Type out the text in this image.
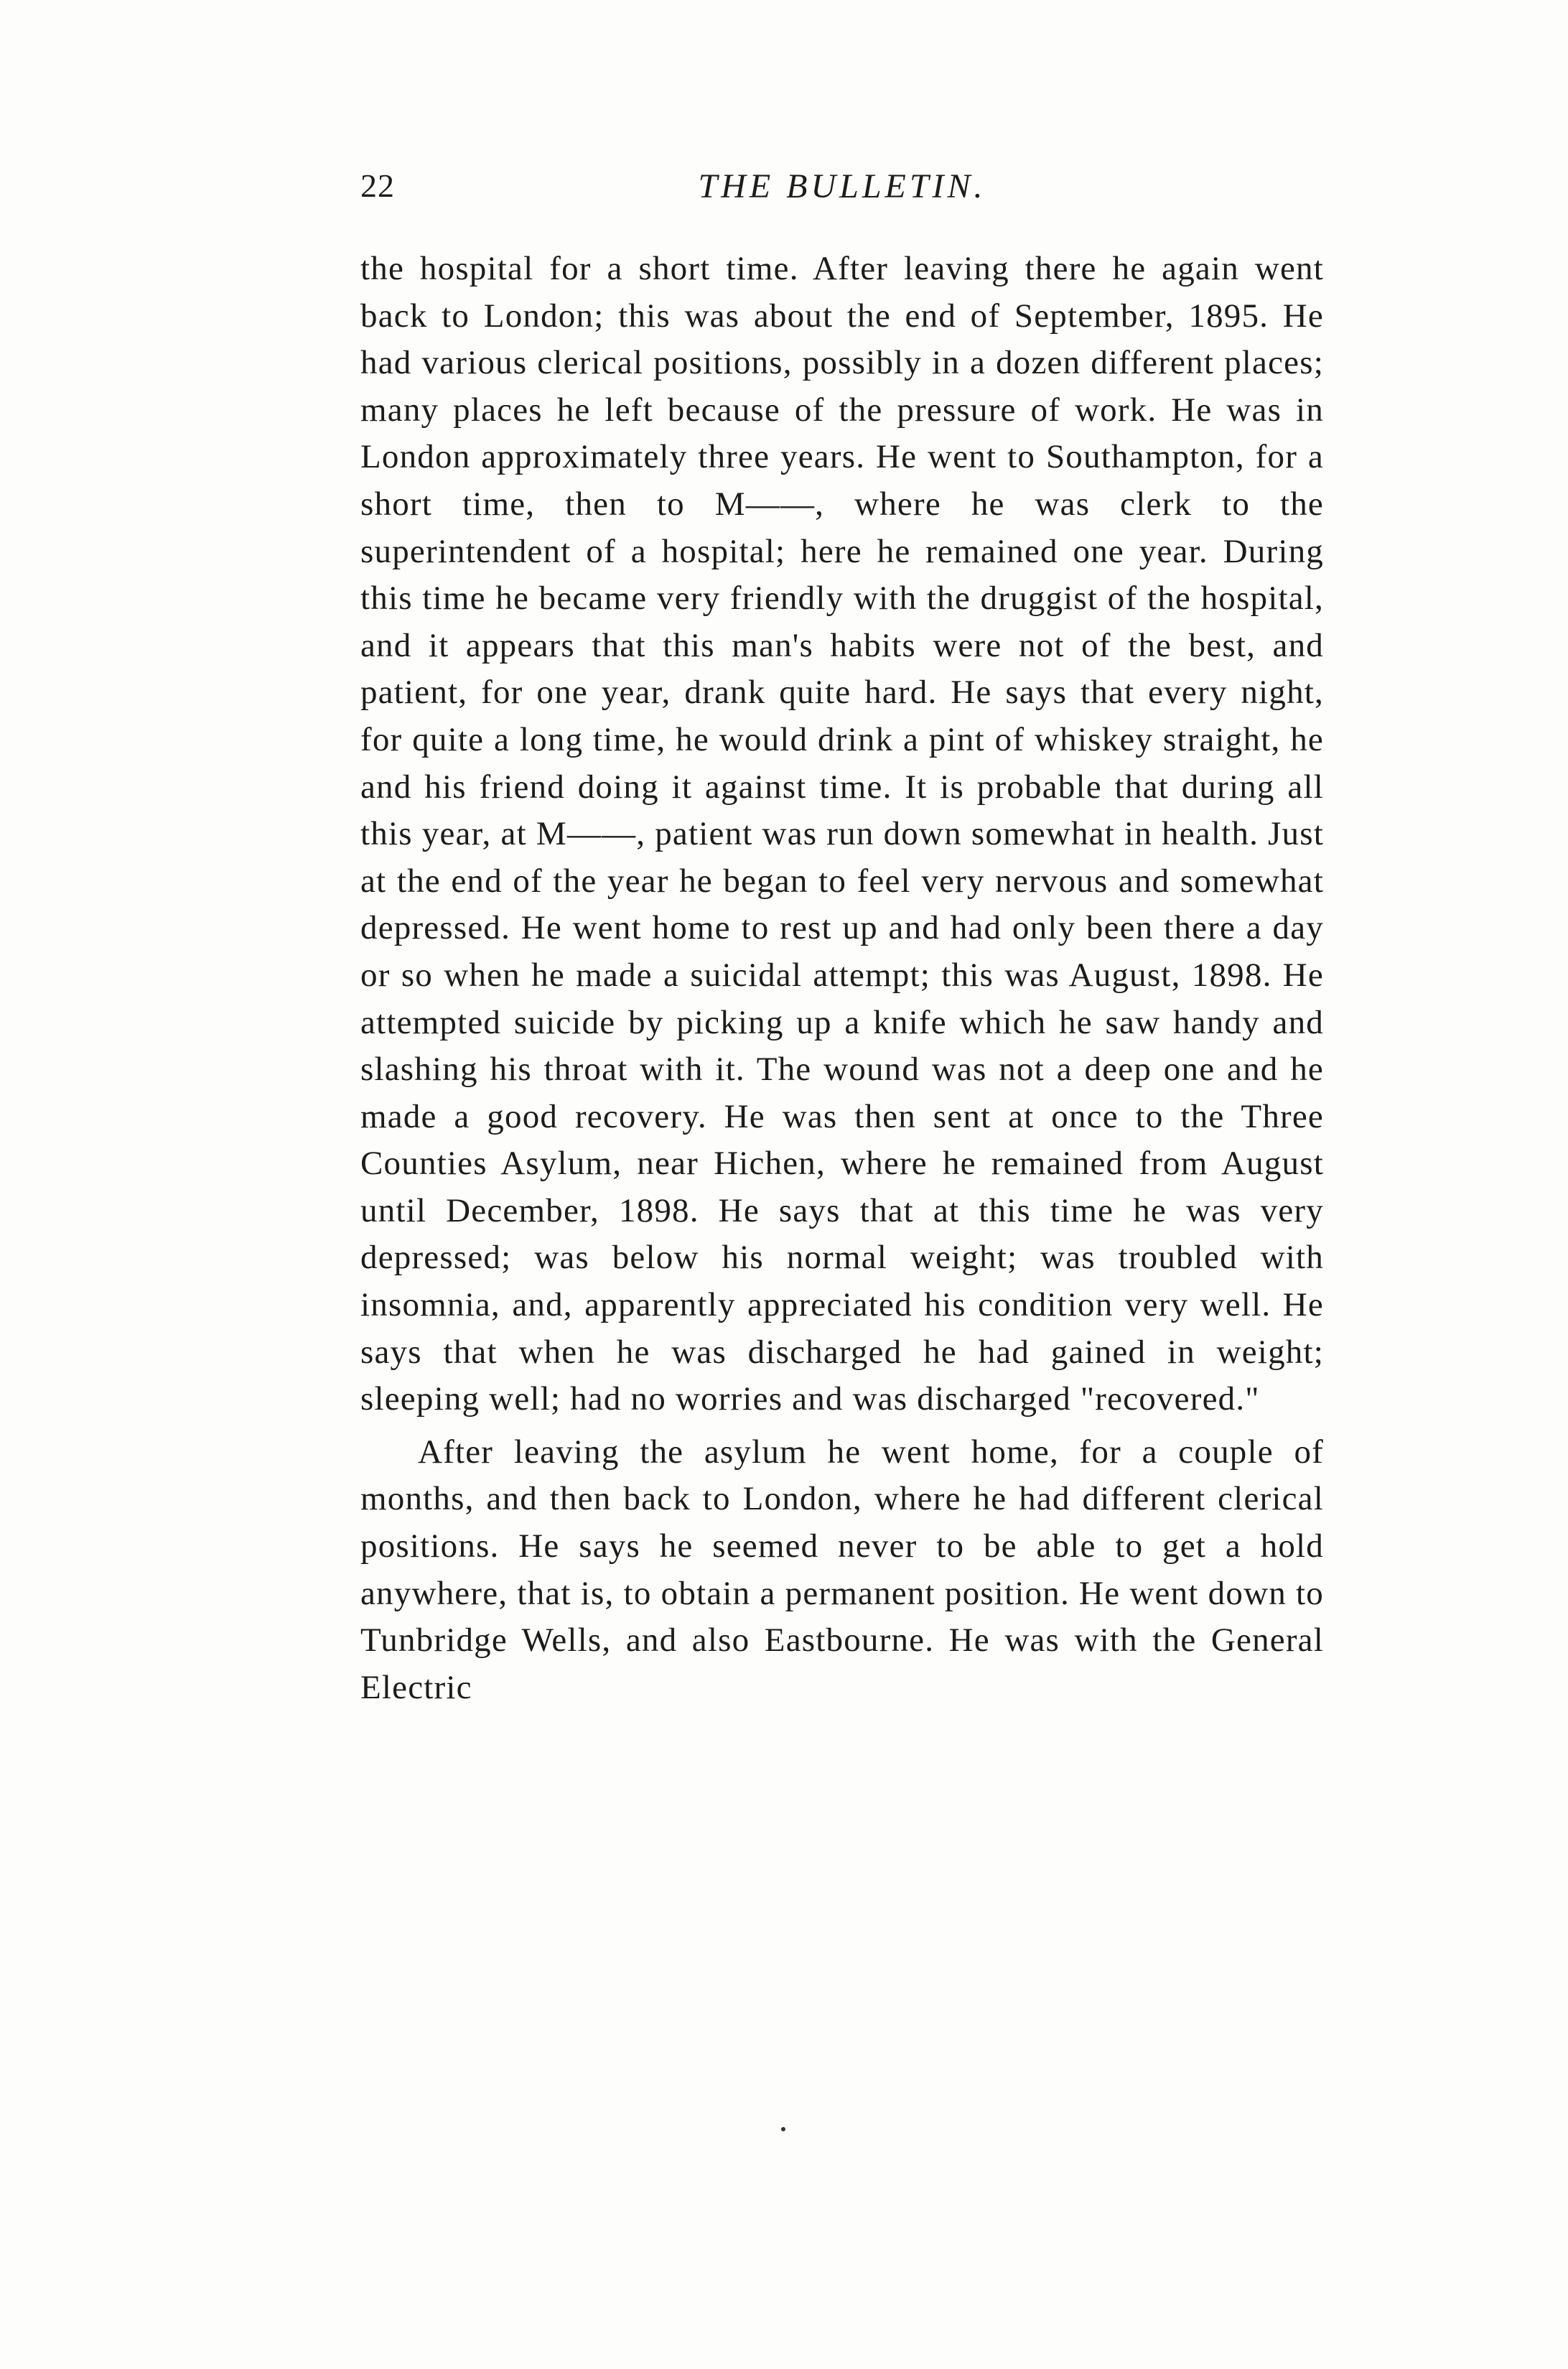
22	THE BULLETIN.

the hospital for a short time. After leaving there he again went back to London; this was about the end of September, 1895. He had various clerical positions, possibly in a dozen different places; many places he left because of the pressure of work. He was in London approximately three years. He went to Southampton, for a short time, then to M——, where he was clerk to the superintendent of a hospital; here he remained one year. During this time he became very friendly with the druggist of the hospital, and it appears that this man's habits were not of the best, and patient, for one year, drank quite hard. He says that every night, for quite a long time, he would drink a pint of whiskey straight, he and his friend doing it against time. It is probable that during all this year, at M——, patient was run down somewhat in health. Just at the end of the year he began to feel very nervous and somewhat depressed. He went home to rest up and had only been there a day or so when he made a suicidal attempt; this was August, 1898. He attempted suicide by picking up a knife which he saw handy and slashing his throat with it. The wound was not a deep one and he made a good recovery. He was then sent at once to the Three Counties Asylum, near Hichen, where he remained from August until December, 1898. He says that at this time he was very depressed; was below his normal weight; was troubled with insomnia, and, apparently appreciated his condition very well. He says that when he was discharged he had gained in weight; sleeping well; had no worries and was discharged "recovered."

After leaving the asylum he went home, for a couple of months, and then back to London, where he had different clerical positions. He says he seemed never to be able to get a hold anywhere, that is, to obtain a permanent position. He went down to Tunbridge Wells, and also Eastbourne. He was with the General Electric
